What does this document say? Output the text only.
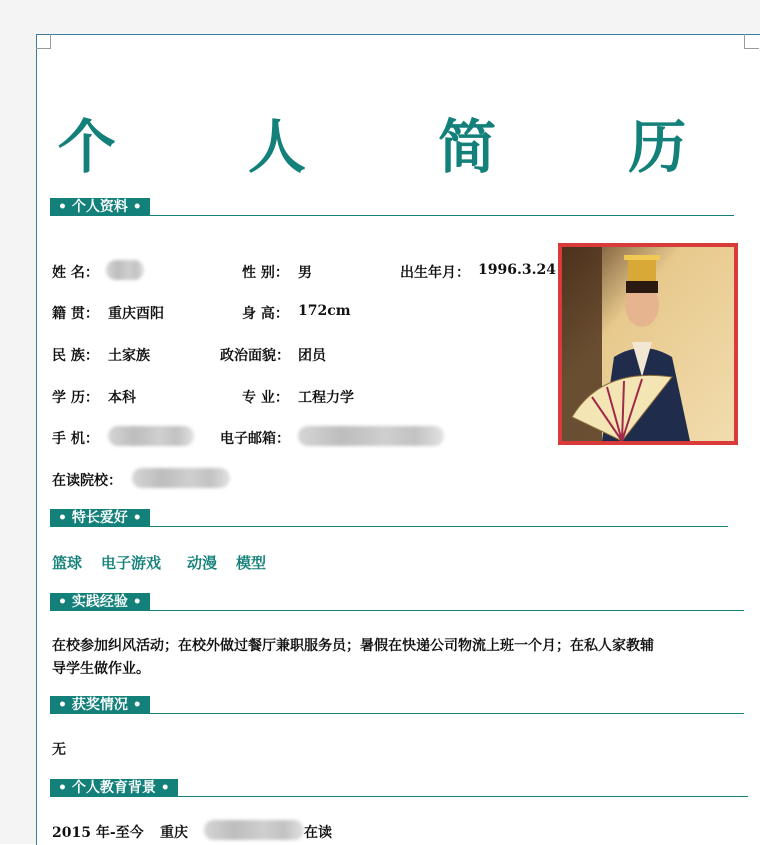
个 人 简 历
• 个人资料 •
姓 名：	性 别： 男	出生年月： 1996.3.24
籍 贯： 重庆酉阳	身 高： 172cm
民 族： 土家族	政治面貌： 团员
学 历： 本科	专 业： 工程力学
手 机：	电子邮箱：
在读院校：
• 特长爱好 •
篮球 电子游戏 动漫 模型
• 实践经验 •
在校参加纠风活动；在校外做过餐厅兼职服务员；暑假在快递公司物流上班一个月；在私人家教辅
导学生做作业。
• 获奖情况 •
无
• 个人教育背景 •
2015 年-至今 重庆	在读
